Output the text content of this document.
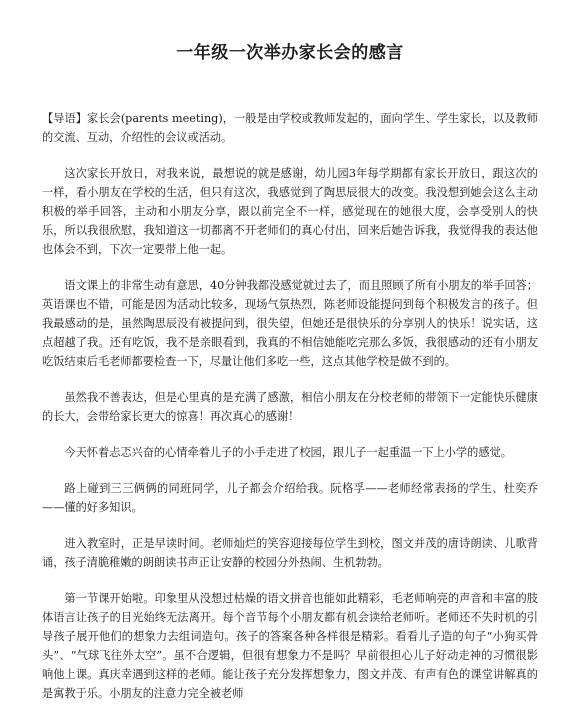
一年级一次举办家长会的感言

【导语】家长会(parents meeting)，一般是由学校或教师发起的，面向学生、学生家长，以及教师的交流、互动，介绍性的会议或活动。

这次家长开放日，对我来说，最想说的就是感谢，幼儿园3年每学期都有家长开放日，跟这次的一样，看小朋友在学校的生活，但只有这次，我感觉到了陶思辰很大的改变。我没想到她会这么主动积极的举手回答，主动和小朋友分享，跟以前完全不一样，感觉现在的她很大度，会享受别人的快乐，所以我很欣慰，我知道这一切都离不开老师们的真心付出，回来后她告诉我，我觉得我的表达他也体会不到，下次一定要带上他一起。

语文课上的非常生动有意思，40分钟我都没感觉就过去了，而且照顾了所有小朋友的举手回答；英语课也不错，可能是因为活动比较多，现场气氛热烈，陈老师设能提问到每个积极发言的孩子。但我最感动的是，虽然陶思辰没有被提问到，很失望，但她还是很快乐的分享别人的快乐！说实话，这点超越了我。还有吃饭，我不是亲眼看到，我真的不相信她能吃完那么多饭，我很感动的还有小朋友吃饭结束后毛老师都要检查一下，尽量让他们多吃一些，这点其他学校是做不到的。

虽然我不善表达，但是心里真的是充满了感激，相信小朋友在分校老师的带领下一定能快乐健康的长大，会带给家长更大的惊喜！再次真心的感谢！

今天怀着忐忑兴奋的心情牵着儿子的小手走进了校园，跟儿子一起重温一下上小学的感觉。

路上碰到三三俩俩的同班同学，儿子都会介绍给我。阮格孚——老师经常表扬的学生、杜奕乔——懂的好多知识。

进入教室时，正是早读时间。老师灿烂的笑容迎接每位学生到校，图文并茂的唐诗朗读、儿歌背诵，孩子清脆稚嫩的朗朗读书声正让安静的校园分外热闹、生机勃勃。

第一节课开始啦。印象里从没想过枯燥的语文拼音也能如此精彩，毛老师响亮的声音和丰富的肢体语言让孩子的目光始终无法离开。每个音节每个小朋友都有机会读给老师听。老师还不失时机的引导孩子展开他们的想象力去组词造句。孩子的答案各种各样很是精彩。看看儿子造的句子“小狗买骨头”、“气球飞往外太空”。虽不合逻辑，但很有想象力不是吗？早前很担心儿子好动走神的习惯很影响他上课。真庆幸遇到这样的老师。能让孩子充分发挥想象力，图文并茂、有声有色的课堂讲解真的是寓教于乐。小朋友的注意力完全被老师
